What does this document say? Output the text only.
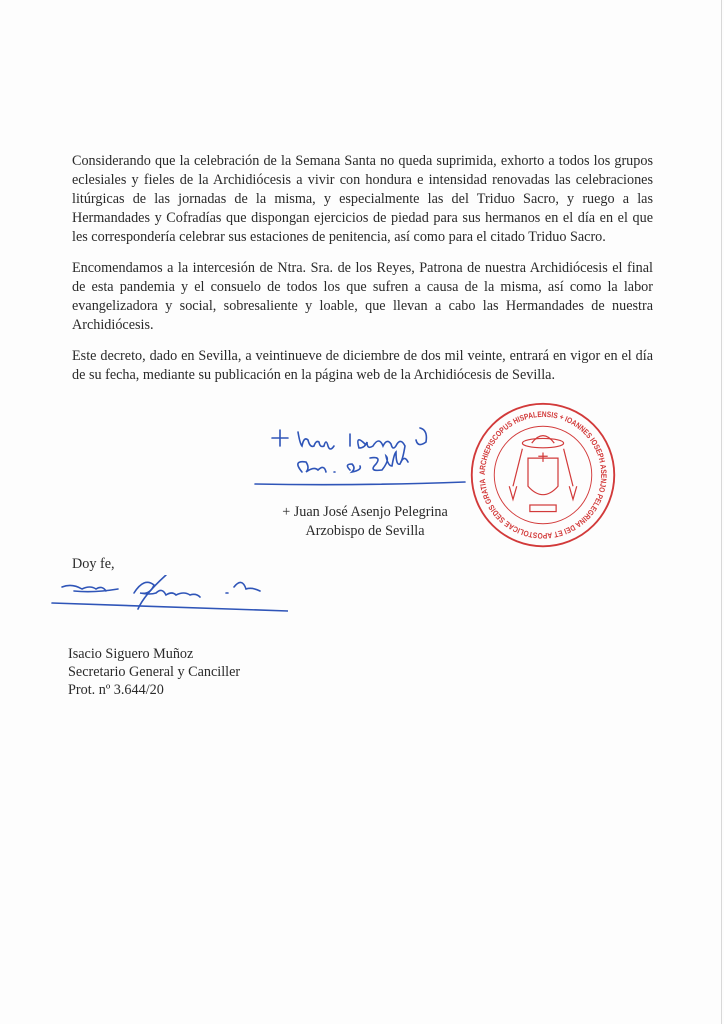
Considerando que la celebración de la Semana Santa no queda suprimida, exhorto a todos los grupos eclesiales y fieles de la Archidiócesis a vivir con hondura e intensidad renovadas las celebraciones litúrgicas de las jornadas de la misma, y especialmente las del Triduo Sacro, y ruego a las Hermandades y Cofradías que dispongan ejercicios de piedad para sus hermanos en el día en el que les correspondería celebrar sus estaciones de penitencia, así como para el citado Triduo Sacro.

Encomendamos a la intercesión de Ntra. Sra. de los Reyes, Patrona de nuestra Archidiócesis el final de esta pandemia y el consuelo de todos los que sufren a causa de la misma, así como la labor evangelizadora y social, sobresaliente y loable, que llevan a cabo las Hermandades de nuestra Archidiócesis.

Este decreto, dado en Sevilla, a veintinueve de diciembre de dos mil veinte, entrará en vigor en el día de su fecha, mediante su publicación en la página web de la Archidiócesis de Sevilla.

ARCHIEPISCOPUS HISPALENSIS + IOANNES IOSEPH ASENJO PELEGRINA DEI ET APOSTOLICAE SEDIS GRATIA
+ Juan José Asenjo Pelegrina
Arzobispo de Sevilla
Doy fe,
Isacio Siguero Muñoz
Secretario General y Canciller
Prot. nº 3.644/20
